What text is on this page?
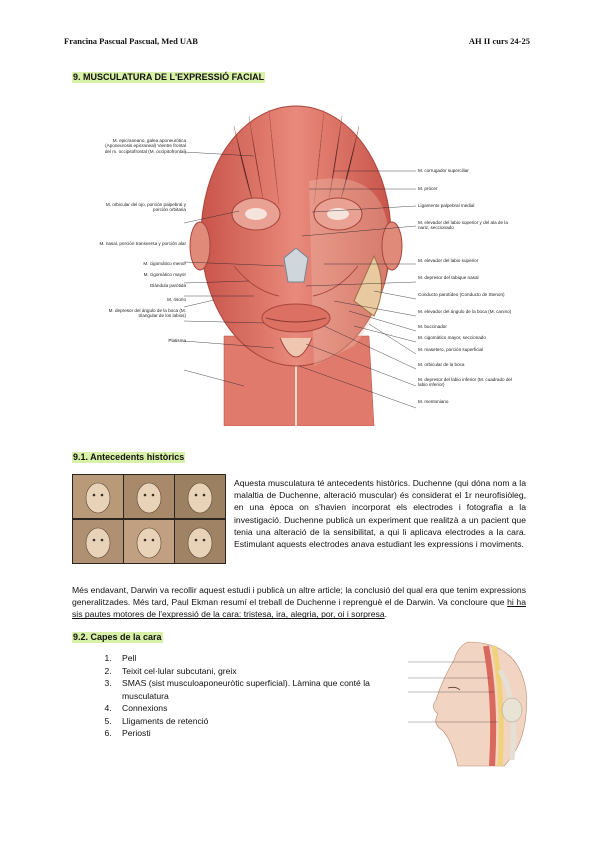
Francina Pascual Pascual, Med UAB	AH II curs 24-25
9. MUSCULATURA DE L'EXPRESSIÓ FACIAL
M. epicraneano, galea aponeurótica (Aponeurosis epicraneal) Vientre frontal del m. occipitofrontal (M. occipitofrontal)
M. orbicular del ojo, porción palpebral y porción orbitaria
M. nasal, porción transversa y porción alar
M. cigomático menor
M. cigomático mayor
Glándula parótida
M. risorio
M. depresor del ángulo de la boca (M. triangular de los labios)
Platisma
M. corrugador superciliar
M. prócer
Ligamento palpebral medial
M. elevador del labio superior y del ala de la nariz, seccionado
M. elevador del labio superior
M. depresor del tabique nasal
Conducto parotídeo (Conducto de Stenon)
M. elevador del ángulo de la boca (M. canino)
M. buccinador
M. cigomático mayor, seccionado
M. masetero, porción superficial
M. orbicular de la boca
M. depresor del labio inferior (M. cuadrado del labio inferior)
M. mentoniano
9.1. Antecedents històrics

Aquesta musculatura té antecedents històrics. Duchenne (qui dóna nom a la malaltia de Duchenne, alteració muscular) és considerat el 1r neurofisiòleg, en una època on s'havien incorporat els electrodes i fotografia a la investigació. Duchenne publicà un experiment que realitzà a un pacient que tenia una alteració de la sensibilitat, a qui li aplicava electrodes a la cara. Estimulant aquests electrodes anava estudiant les expressions i moviments.

Més endavant, Darwin va recollir aquest estudi i publicà un altre article; la conclusió del qual era que tenim expressions generalitzades. Més tard, Paul Ekman resumí el treball de Duchenne i reprenguè el de Darwin. Va concloure que hi ha sis pautes motores de l'expressió de la cara: tristesa, ira, alegria, por, oi i sorpresa.

9.2. Capes de la cara
1. Pell
2. Teixit cel·lular subcutani, greix
3. SMAS (sist musculoaponeuròtic superficial). Làmina que conté la musculatura
4. Connexions
5. Lligaments de retenció
6. Periosti
